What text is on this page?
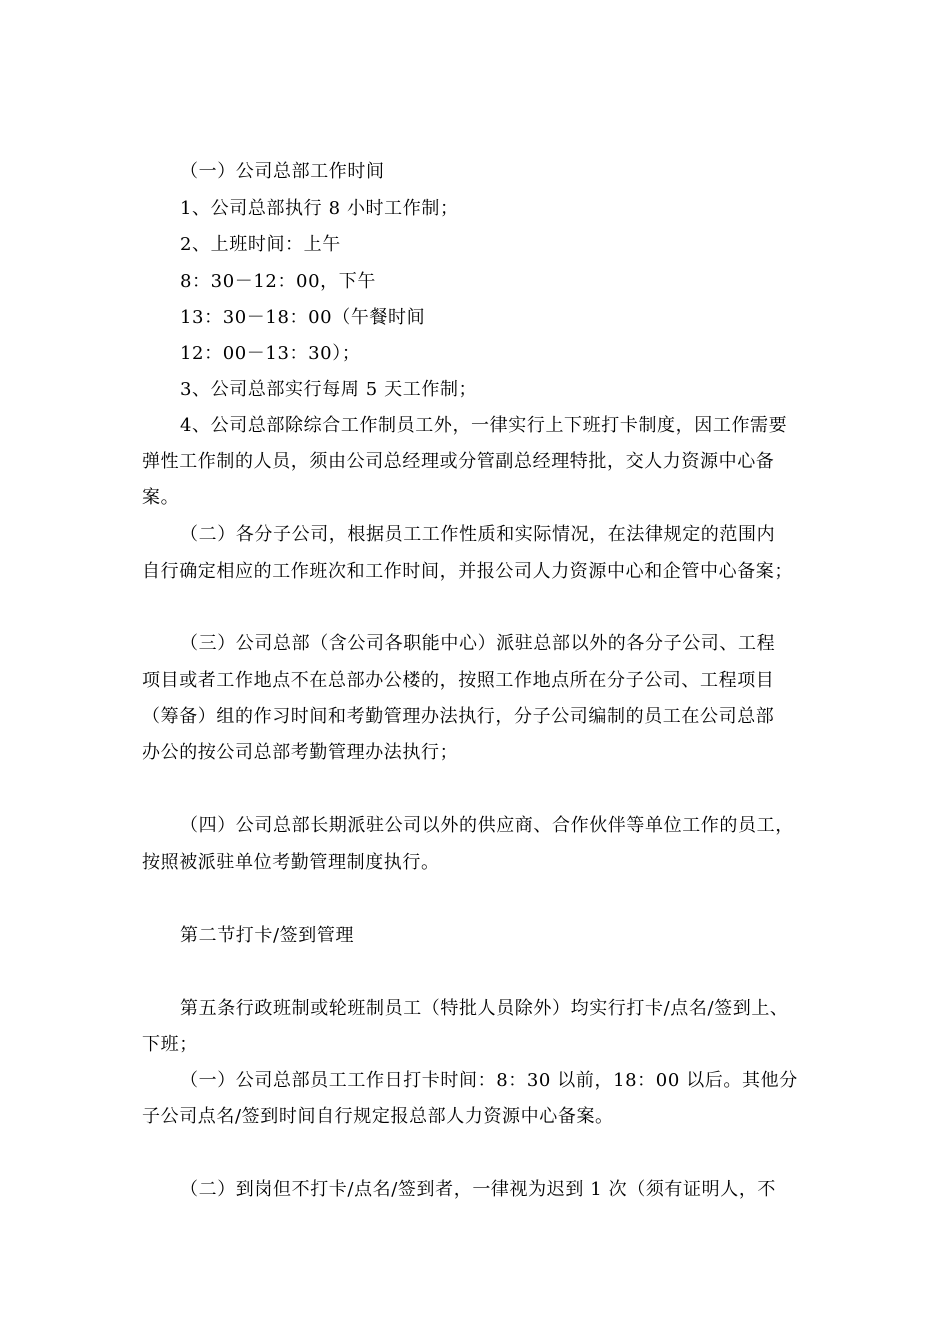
（一）公司总部工作时间
1、公司总部执行 8 小时工作制；
2、上班时间：上午
8：30－12：00，下午
13：30－18：00（午餐时间
12：00－13：30）；
3、公司总部实行每周 5 天工作制；
4、公司总部除综合工作制员工外，一律实行上下班打卡制度，因工作需要
弹性工作制的人员，须由公司总经理或分管副总经理特批，交人力资源中心备
案。
（二）各分子公司，根据员工工作性质和实际情况，在法律规定的范围内
自行确定相应的工作班次和工作时间，并报公司人力资源中心和企管中心备案；
（三）公司总部（含公司各职能中心）派驻总部以外的各分子公司、工程
项目或者工作地点不在总部办公楼的，按照工作地点所在分子公司、工程项目
（筹备）组的作习时间和考勤管理办法执行，分子公司编制的员工在公司总部
办公的按公司总部考勤管理办法执行；
（四）公司总部长期派驻公司以外的供应商、合作伙伴等单位工作的员工，
按照被派驻单位考勤管理制度执行。
第二节打卡/签到管理
第五条行政班制或轮班制员工（特批人员除外）均实行打卡/点名/签到上、
下班；
（一）公司总部员工工作日打卡时间：8：30 以前，18：00 以后。其他分
子公司点名/签到时间自行规定报总部人力资源中心备案。
（二）到岗但不打卡/点名/签到者，一律视为迟到 1 次（须有证明人，不
